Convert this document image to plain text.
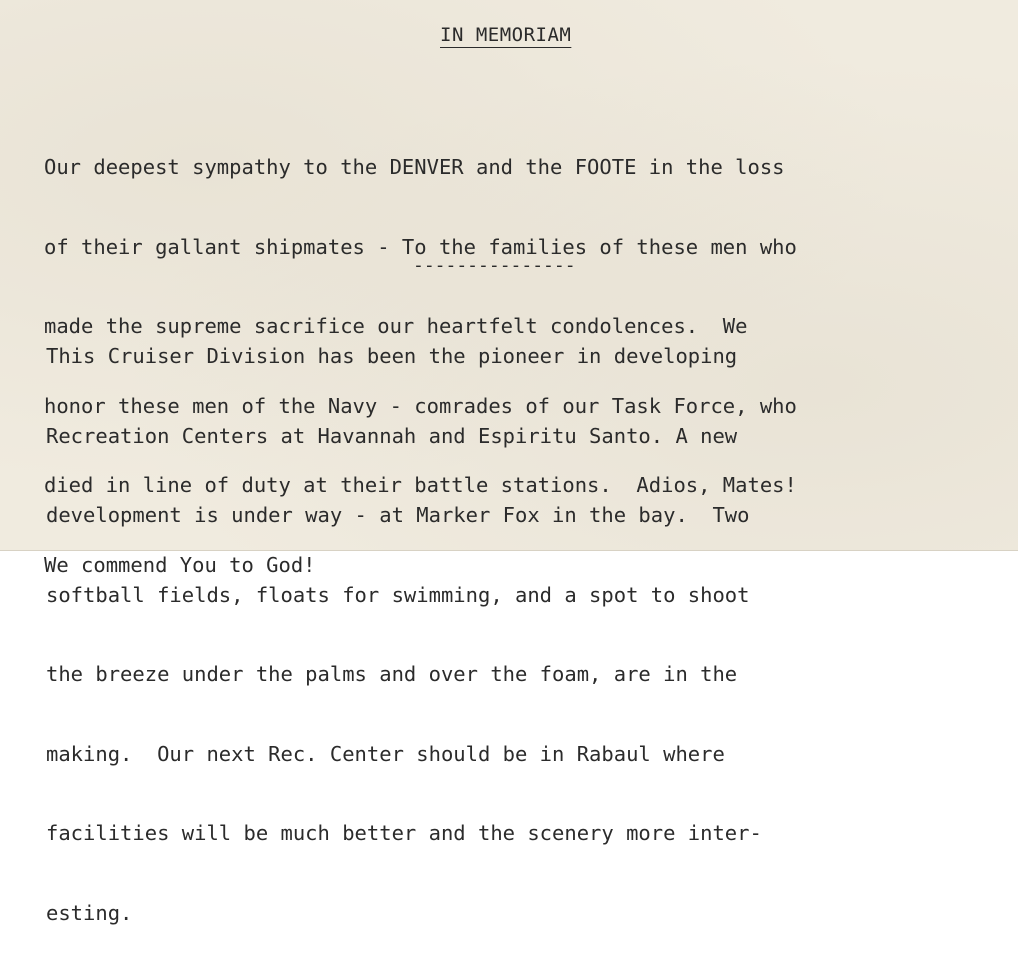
IN MEMORIAM

Our deepest sympathy to the DENVER and the FOOTE in the loss

of their gallant shipmates - To the families of these men who

made the supreme sacrifice our heartfelt condolences.  We

honor these men of the Navy - comrades of our Task Force, who

died in line of duty at their battle stations.  Adios, Mates!

We commend You to God!

---------------

This Cruiser Division has been the pioneer in developing

Recreation Centers at Havannah and Espiritu Santo. A new

development is under way - at Marker Fox in the bay.  Two

softball fields, floats for swimming, and a spot to shoot

the breeze under the palms and over the foam, are in the

making.  Our next Rec. Center should be in Rabaul where

facilities will be much better and the scenery more inter-

esting.
